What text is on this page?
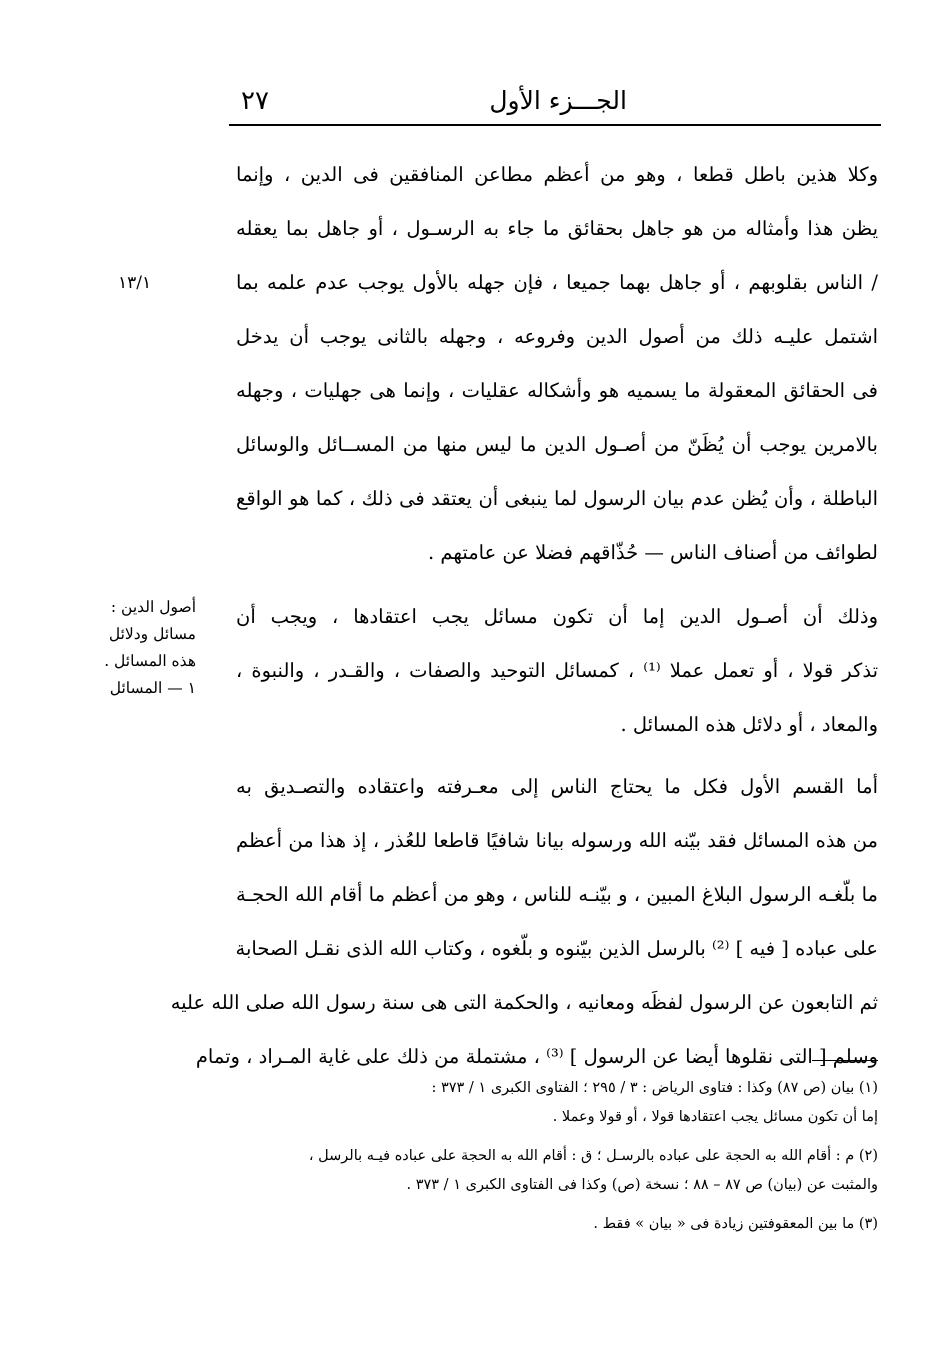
٢٧	الجـــزء الأول
١٣/١
أصول الدين :
مسائل ودلائل
هذه المسائل .
١ — المسائل
وكلا هذين باطل قطعا ، وهو من أعظم مطاعن المنافقين فى الدين ، وإنما
يظن هذا وأمثاله من هو جاهل بحقائق ما جاء به الرسـول ، أو جاهل بما يعقله
/ الناس بقلوبهم ، أو جاهل بهما جميعا ، فإن جهله بالأول يوجب عدم علمه بما
اشتمل عليـه ذلك من أصول الدين وفروعه ، وجهله بالثانى يوجب أن يدخل
فى الحقائق المعقولة ما يسميه هو وأشكاله عقليات ، وإنما هى جهليات ، وجهله
بالامرين يوجب أن يُظَنّ من أصـول الدين ما ليس منها من المســائل والوسائل
الباطلة ، وأن يُظن عدم بيان الرسول لما ينبغى أن يعتقد فى ذلك ، كما هو الواقع
لطوائف من أصناف الناس — حُذّاقهم فضلا عن عامتهم .
وذلك أن أصـول الدين إما أن تكون مسائل يجب اعتقادها ، ويجب أن
تذكر قولا ، أو تعمل عملا ⁽¹⁾ ، كمسائل التوحيد والصفات ، والقـدر ، والنبوة ،
والمعاد ، أو دلائل هذه المسائل .
أما القسم الأول فكل ما يحتاج الناس إلى معـرفته واعتقاده والتصـديق به
من هذه المسائل فقد بيّنه الله ورسوله بيانا شافيًا قاطعا للعُذر ، إذ هذا من أعظم
ما بلّغـه الرسول البلاغ المبين ، و بيّنـه للناس ، وهو من أعظم ما أقام الله الحجـة
على عباده [ فيه ] ⁽²⁾ بالرسل الذين بيّنوه و بلّغوه ، وكتاب الله الذى نقـل الصحابة
ثم التابعون عن الرسول لفظَه ومعانيه ، والحكمة التى هى سنة رسول الله صلى الله عليه
وسلم [ التى نقلوها أيضا عن الرسول ] ⁽³⁾ ، مشتملة من ذلك على غاية المـراد ، وتمام
(١) بيان (ص ٨٧) وكذا : فتاوى الرياض : ٣ / ٢٩٥ ؛ الفتاوى الكبرى ١ / ٣٧٣ :
إما أن تكون مسائل يجب اعتقادها قولا ، أو قولا وعملا .
(٢) م : أقام الله به الحجة على عباده بالرسـل ؛ ق : أقام الله به الحجة على عباده فيـه بالرسل ،
والمثبت عن (بيان) ص ٨٧ – ٨٨ ؛ نسخة (ص) وكذا فى الفتاوى الكبرى ١ / ٣٧٣ .
(٣) ما بين المعقوفتين زيادة فى « بيان » فقط .
